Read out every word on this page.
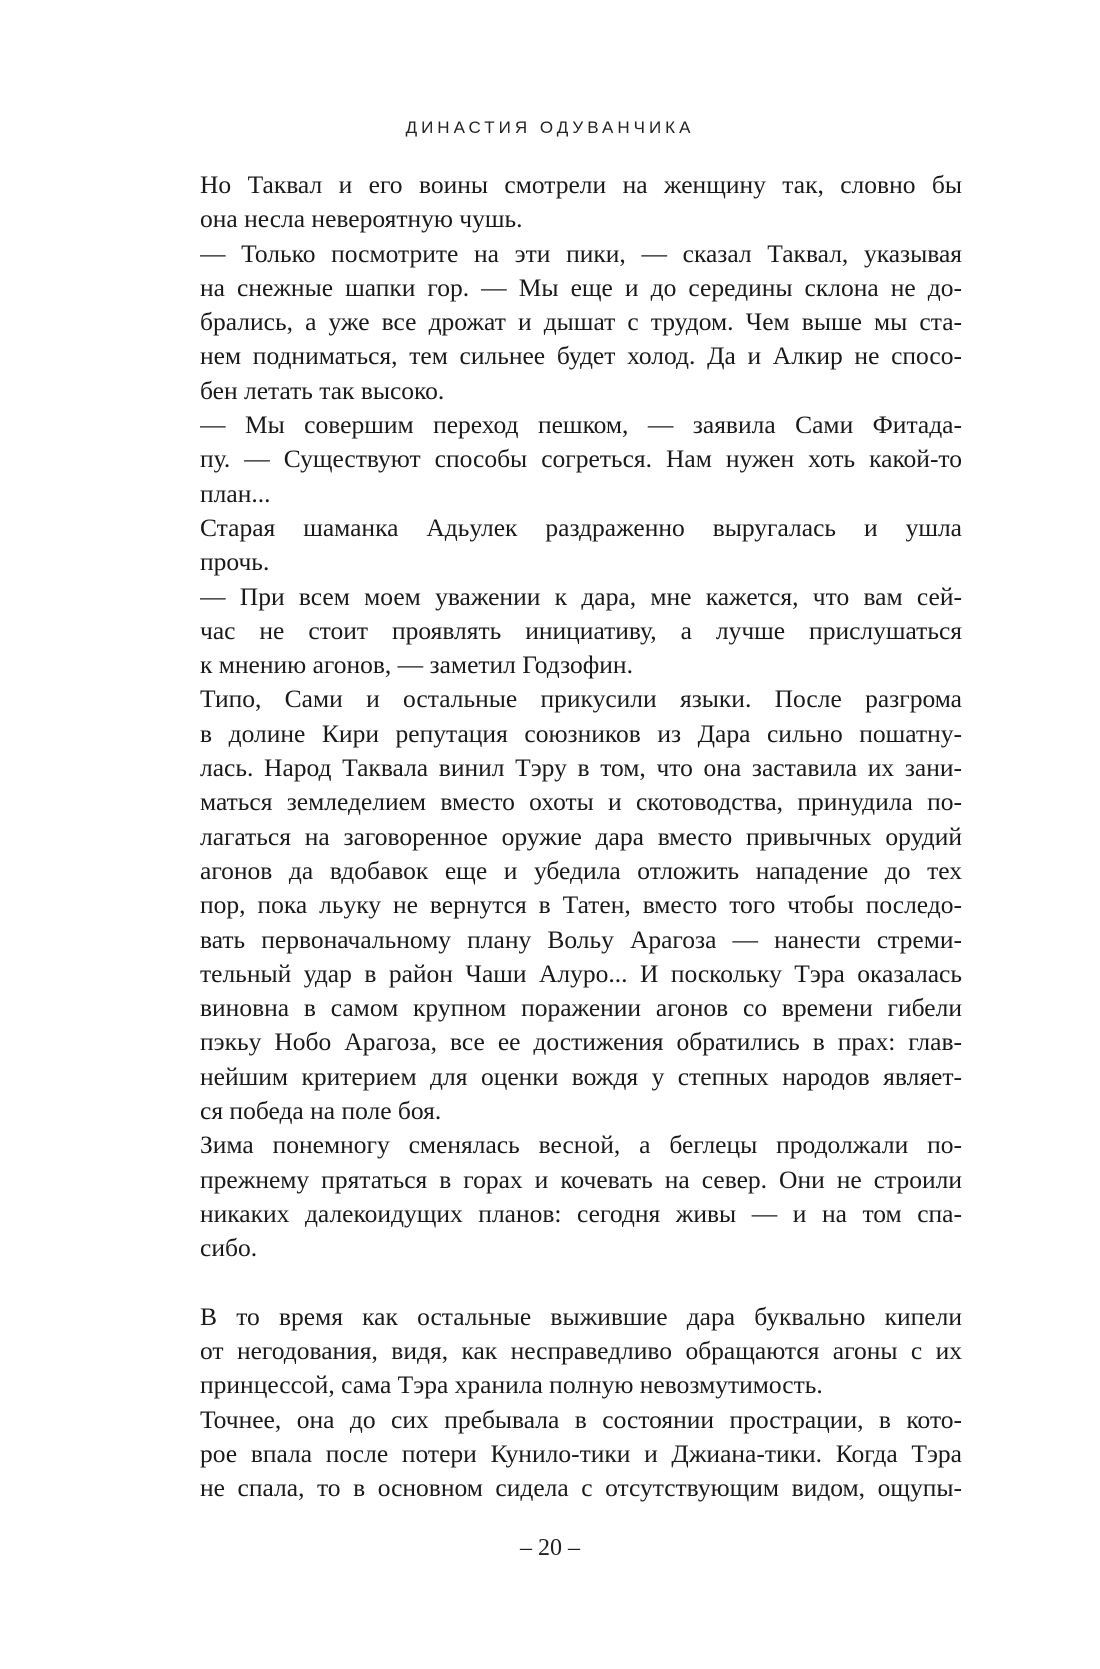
ДИНАСТИЯ ОДУВАНЧИКА
Но Таквал и его воины смотрели на женщину так, словно бы
она несла невероятную чушь.
— Только посмотрите на эти пики, — сказал Таквал, указывая
на снежные шапки гор. — Мы еще и до середины склона не до-
брались, а уже все дрожат и дышат с трудом. Чем выше мы ста-
нем подниматься, тем сильнее будет холод. Да и Алкир не спосо-
бен летать так высоко.
— Мы совершим переход пешком, — заявила Сами Фитада-
пу. — Существуют способы согреться. Нам нужен хоть какой-то
план...
Старая шаманка Адьулек раздраженно выругалась и ушла
прочь.
— При всем моем уважении к дара, мне кажется, что вам сей-
час не стоит проявлять инициативу, а лучше прислушаться
к мнению агонов, — заметил Годзофин.
Типо, Сами и остальные прикусили языки. После разгрома
в долине Кири репутация союзников из Дара сильно пошатну-
лась. Народ Таквала винил Тэру в том, что она заставила их зани-
маться земледелием вместо охоты и скотоводства, принудила по-
лагаться на заговоренное оружие дара вместо привычных орудий
агонов да вдобавок еще и убедила отложить нападение до тех
пор, пока льуку не вернутся в Татен, вместо того чтобы последо-
вать первоначальному плану Вольу Арагоза — нанести стреми-
тельный удар в район Чаши Алуро... И поскольку Тэра оказалась
виновна в самом крупном поражении агонов со времени гибели
пэкьу Нобо Арагоза, все ее достижения обратились в прах: глав-
нейшим критерием для оценки вождя у степных народов являет-
ся победа на поле боя.
Зима понемногу сменялась весной, а беглецы продолжали по-
прежнему прятаться в горах и кочевать на север. Они не строили
никаких далекоидущих планов: сегодня живы — и на том спа-
сибо.
В то время как остальные выжившие дара буквально кипели
от негодования, видя, как несправедливо обращаются агоны с их
принцессой, сама Тэра хранила полную невозмутимость.
Точнее, она до сих пребывала в состоянии прострации, в кото-
рое впала после потери Кунило-тики и Джиана-тики. Когда Тэра
не спала, то в основном сидела с отсутствующим видом, ощупы-
– 20 –
